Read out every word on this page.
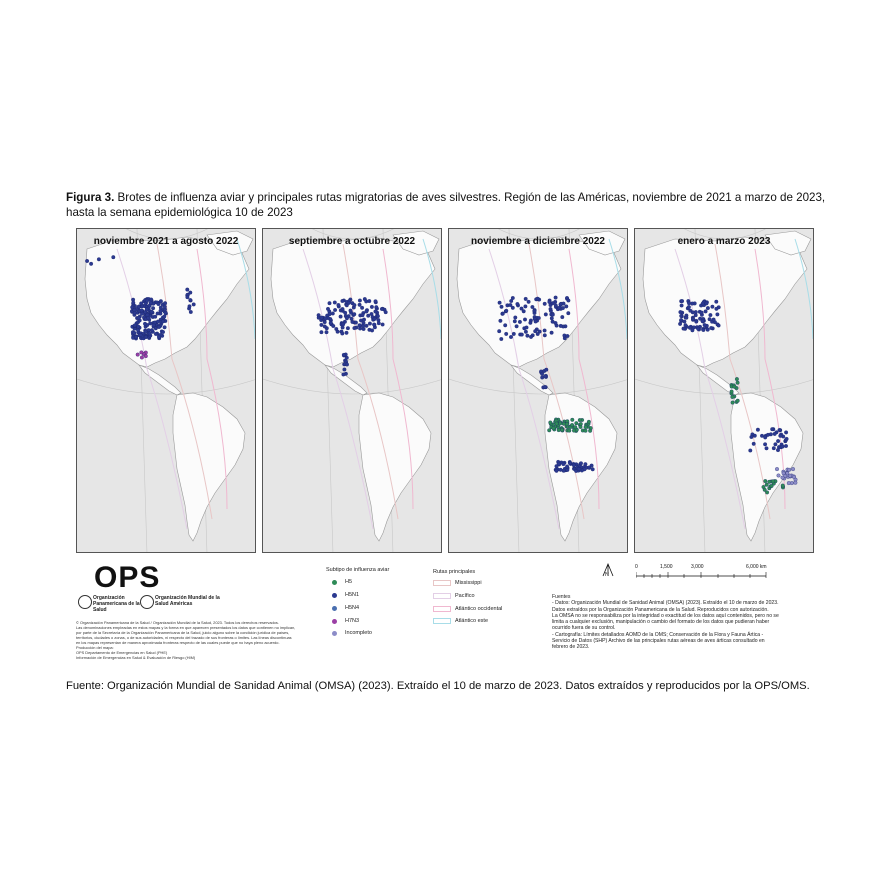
Figura 3. Brotes de influenza aviar y principales rutas migratorias de aves silvestres. Región de las Américas, noviembre de 2021 a marzo de 2023, hasta la semana epidemiológica 10 de 2023
noviembre 2021 a agosto 2022	septiembre a octubre 2022	noviembre a diciembre 2022	enero a marzo 2023
OPS
Organización Panamericana de la Salud
Organización Mundial de la Salud Américas
© Organización Panamericana de la Salud / Organización Mundial de la Salud, 2023. Todos los derechos reservados.
Las denominaciones empleadas en estos mapas y la forma en que aparecen presentados los datos que contienen no implican,
por parte de la Secretaría de la Organización Panamericana de la Salud, juicio alguno sobre la condición jurídica de países,
territorios, ciudades o zonas, o de sus autoridades, ni respecto del trazado de sus fronteras o límites. Las líneas discontinuas
en los mapas representan de manera aproximada fronteras respecto de las cuales puede que no haya pleno acuerdo.
Producción del mapa:
OPS Departamento de Emergencias en Salud (PHE)
Información de Emergencias en Salud & Evaluación de Riesgo (HIM)
Subtipo de influenza aviar
H5
H5N1
H5N4
H7N3
Incompleto
Rutas principales
Mississippi
Pacífico
Atlántico occidental
Atlántico este
N
0	1,500	3,000	6,000 km
Fuentes
- Datos: Organización Mundial de Sanidad Animal (OMSA) (2023). Extraído el 10 de marzo de 2023.
Datos extraídos por la Organización Panamericana de la Salud. Reproducidos con autorización.
La OMSA no se responsabiliza por la integridad o exactitud de los datos aquí contenidos, pero no se
limita a cualquier exclusión, manipulación o cambio del formato de los datos que pudieran haber
ocurrido fuera de su control.
- Cartografía: Límites detallados AOMD de la OMS; Conservación de la Flora y Fauna Ártica -
Servicio de Datos (SHP) Archivo de las principales rutas aéreas de aves árticas consultado en
febrero de 2023.
Fuente: Organización Mundial de Sanidad Animal (OMSA) (2023). Extraído el 10 de marzo de 2023. Datos extraídos y reproducidos por la OPS/OMS.
